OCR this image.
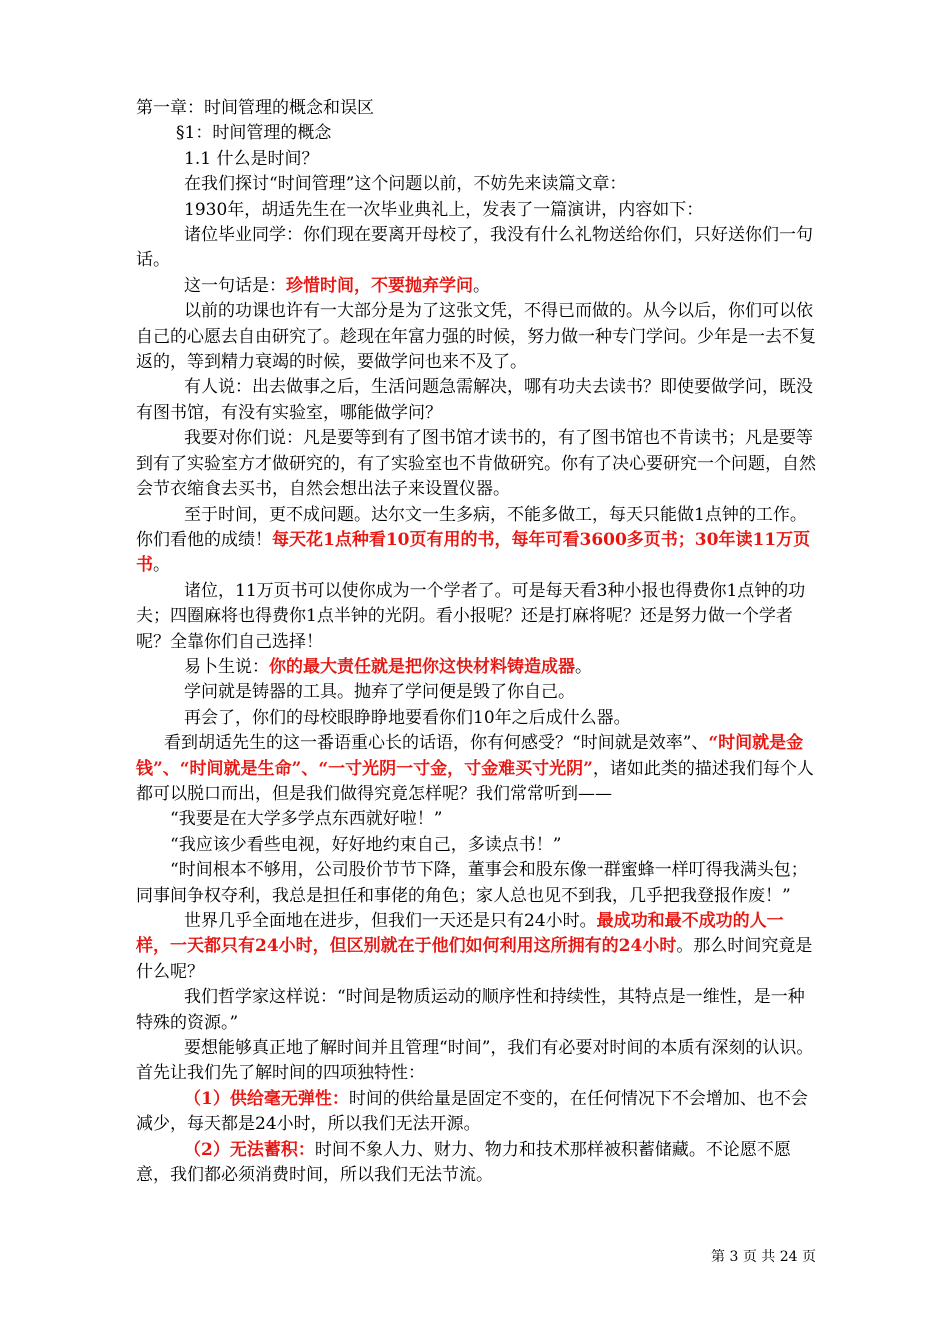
第一章：时间管理的概念和误区

§1：时间管理的概念

1.1 什么是时间？

在我们探讨“时间管理”这个问题以前，不妨先来读篇文章：

1930年，胡适先生在一次毕业典礼上，发表了一篇演讲，内容如下：

诸位毕业同学：你们现在要离开母校了，我没有什么礼物送给你们，只好送你们一句话。

这一句话是：珍惜时间，不要抛弃学问。

以前的功课也许有一大部分是为了这张文凭，不得已而做的。从今以后，你们可以依自己的心愿去自由研究了。趁现在年富力强的时候，努力做一种专门学问。少年是一去不复返的，等到精力衰竭的时候，要做学问也来不及了。

有人说：出去做事之后，生活问题急需解决，哪有功夫去读书？即使要做学问，既没有图书馆，有没有实验室，哪能做学问？

我要对你们说：凡是要等到有了图书馆才读书的，有了图书馆也不肯读书；凡是要等到有了实验室方才做研究的，有了实验室也不肯做研究。你有了决心要研究一个问题，自然会节衣缩食去买书，自然会想出法子来设置仪器。

至于时间，更不成问题。达尔文一生多病，不能多做工，每天只能做1点钟的工作。你们看他的成绩！每天花1点种看10页有用的书，每年可看3600多页书；30年读11万页书。

诸位，11万页书可以使你成为一个学者了。可是每天看3种小报也得费你1点钟的功夫；四圈麻将也得费你1点半钟的光阴。看小报呢？还是打麻将呢？还是努力做一个学者呢？全靠你们自己选择！

易卜生说：你的最大责任就是把你这快材料铸造成器。

学问就是铸器的工具。抛弃了学问便是毁了你自己。

再会了，你们的母校眼睁睁地要看你们10年之后成什么器。

看到胡适先生的这一番语重心长的话语，你有何感受？“时间就是效率”、“时间就是金钱”、“时间就是生命”、“一寸光阴一寸金，寸金难买寸光阴”，诸如此类的描述我们每个人都可以脱口而出，但是我们做得究竟怎样呢？我们常常听到——

“我要是在大学多学点东西就好啦！”

“我应该少看些电视，好好地约束自己，多读点书！”

“时间根本不够用，公司股价节节下降，董事会和股东像一群蜜蜂一样叮得我满头包；同事间争权夺利，我总是担任和事佬的角色；家人总也见不到我，几乎把我登报作废！”

世界几乎全面地在进步，但我们一天还是只有24小时。最成功和最不成功的人一样，一天都只有24小时，但区别就在于他们如何利用这所拥有的24小时。那么时间究竟是什么呢？

我们哲学家这样说：“时间是物质运动的顺序性和持续性，其特点是一维性，是一种特殊的资源。”

要想能够真正地了解时间并且管理“时间”，我们有必要对时间的本质有深刻的认识。首先让我们先了解时间的四项独特性：

（1）供给毫无弹性：时间的供给量是固定不变的，在任何情况下不会增加、也不会减少，每天都是24小时，所以我们无法开源。

（2）无法蓄积：时间不象人力、财力、物力和技术那样被积蓄储藏。不论愿不愿意，我们都必须消费时间，所以我们无法节流。

第 3 页 共 24 页
